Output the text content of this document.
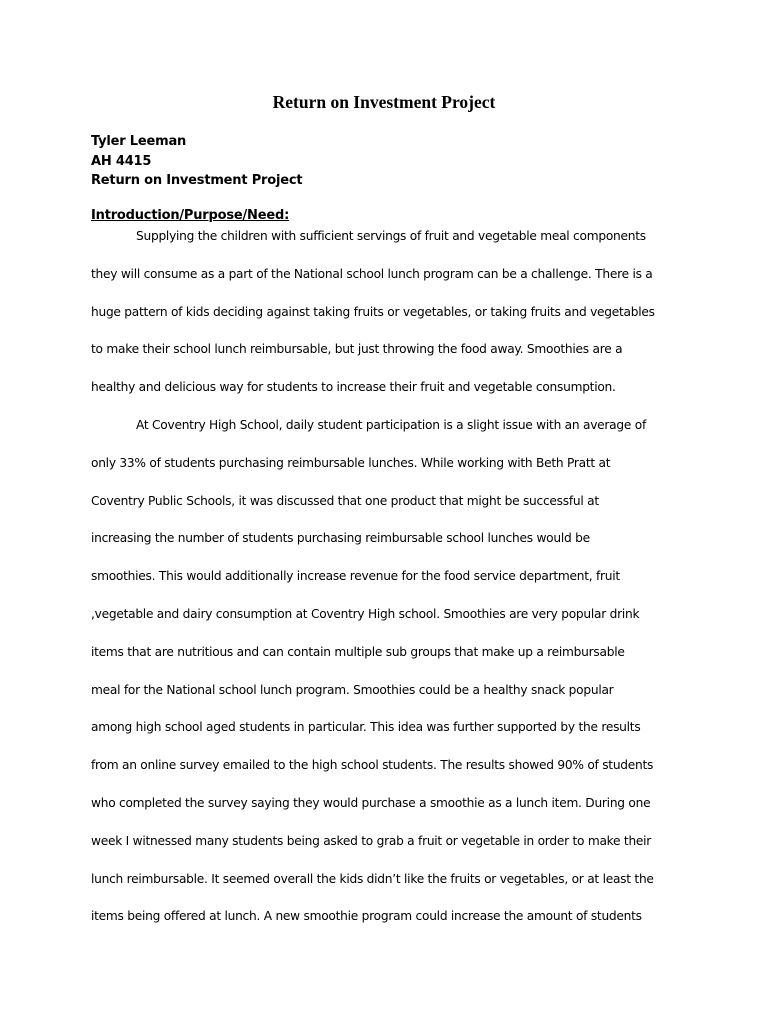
Return on Investment Project
Tyler Leeman
AH 4415
Return on Investment Project
Introduction/Purpose/Need:
Supplying the children with sufficient servings of fruit and vegetable meal components
they will consume as a part of the National school lunch program can be a challenge. There is a
huge pattern of kids deciding against taking fruits or vegetables, or taking fruits and vegetables
to make their school lunch reimbursable, but just throwing the food away. Smoothies are a
healthy and delicious way for students to increase their fruit and vegetable consumption.
At Coventry High School, daily student participation is a slight issue with an average of
only 33% of students purchasing reimbursable lunches. While working with Beth Pratt at
Coventry Public Schools, it was discussed that one product that might be successful at
increasing the number of students purchasing reimbursable school lunches would be
smoothies. This would additionally increase revenue for the food service department, fruit
,vegetable and dairy consumption at Coventry High school. Smoothies are very popular drink
items that are nutritious and can contain multiple sub groups that make up a reimbursable
meal for the National school lunch program. Smoothies could be a healthy snack popular
among high school aged students in particular. This idea was further supported by the results
from an online survey emailed to the high school students. The results showed 90% of students
who completed the survey saying they would purchase a smoothie as a lunch item. During one
week I witnessed many students being asked to grab a fruit or vegetable in order to make their
lunch reimbursable. It seemed overall the kids didn’t like the fruits or vegetables, or at least the
items being offered at lunch. A new smoothie program could increase the amount of students
